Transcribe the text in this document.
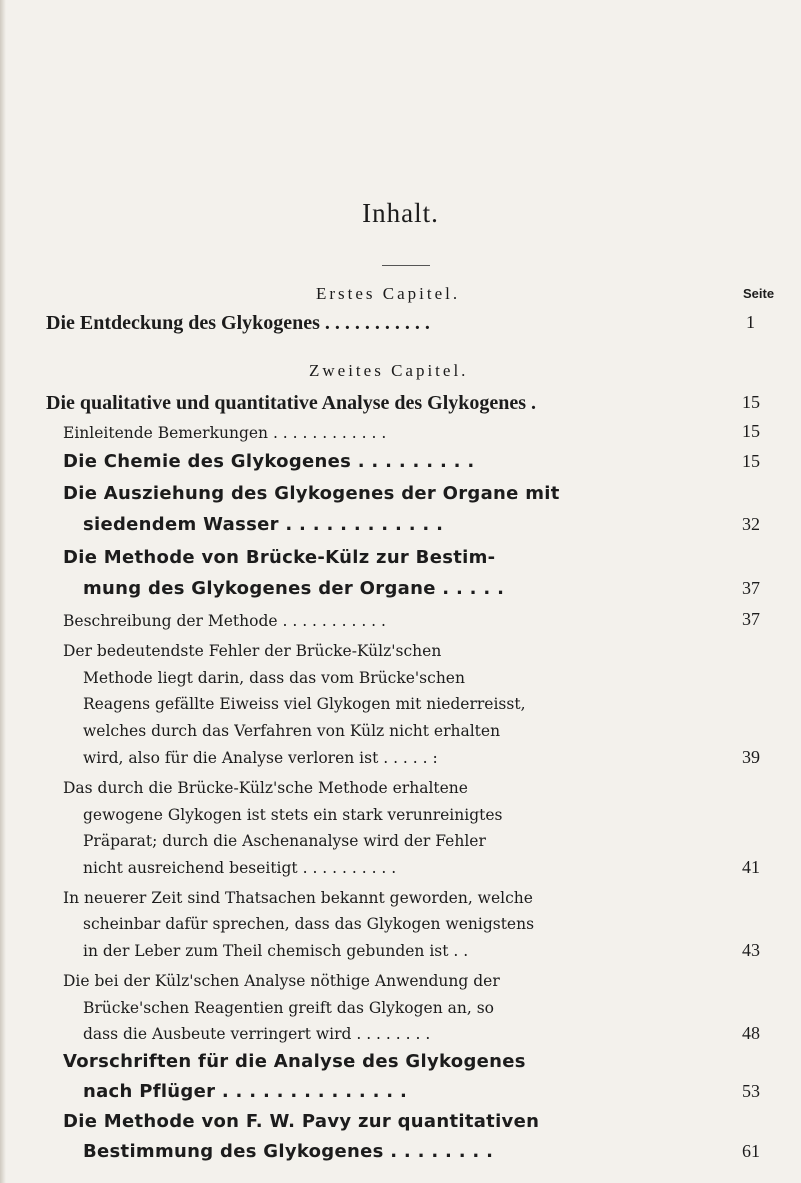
Inhalt.
Erstes Capitel.	Seite
Die Entdeckung des Glykogenes . . . . . . . . . . .	1
Zweites Capitel.
Die qualitative und quantitative Analyse des Glykogenes .	15
Einleitende Bemerkungen . . . . . . . . . . . .	15
Die Chemie des Glykogenes . . . . . . . . .	15
Die Ausziehung des Glykogenes der Organe mit
siedendem Wasser . . . . . . . . . . . .	32
Die Methode von Brücke-Külz zur Bestim-
mung des Glykogenes der Organe . . . . .	37
Beschreibung der Methode . . . . . . . . . . .	37
Der bedeutendste Fehler der Brücke-Külz'schen
Methode liegt darin, dass das vom Brücke'schen
Reagens gefällte Eiweiss viel Glykogen mit niederreisst,
welches durch das Verfahren von Külz nicht erhalten
wird, also für die Analyse verloren ist . . . . . :	39
Das durch die Brücke-Külz'sche Methode erhaltene
gewogene Glykogen ist stets ein stark verunreinigtes
Präparat; durch die Aschenanalyse wird der Fehler
nicht ausreichend beseitigt . . . . . . . . . .	41
In neuerer Zeit sind Thatsachen bekannt geworden, welche
scheinbar dafür sprechen, dass das Glykogen wenigstens
in der Leber zum Theil chemisch gebunden ist . .	43
Die bei der Külz'schen Analyse nöthige Anwendung der
Brücke'schen Reagentien greift das Glykogen an, so
dass die Ausbeute verringert wird . . . . . . . .	48
Vorschriften für die Analyse des Glykogenes
nach Pflüger . . . . . . . . . . . . . .	53
Die Methode von F. W. Pavy zur quantitativen
Bestimmung des Glykogenes . . . . . . . .	61
